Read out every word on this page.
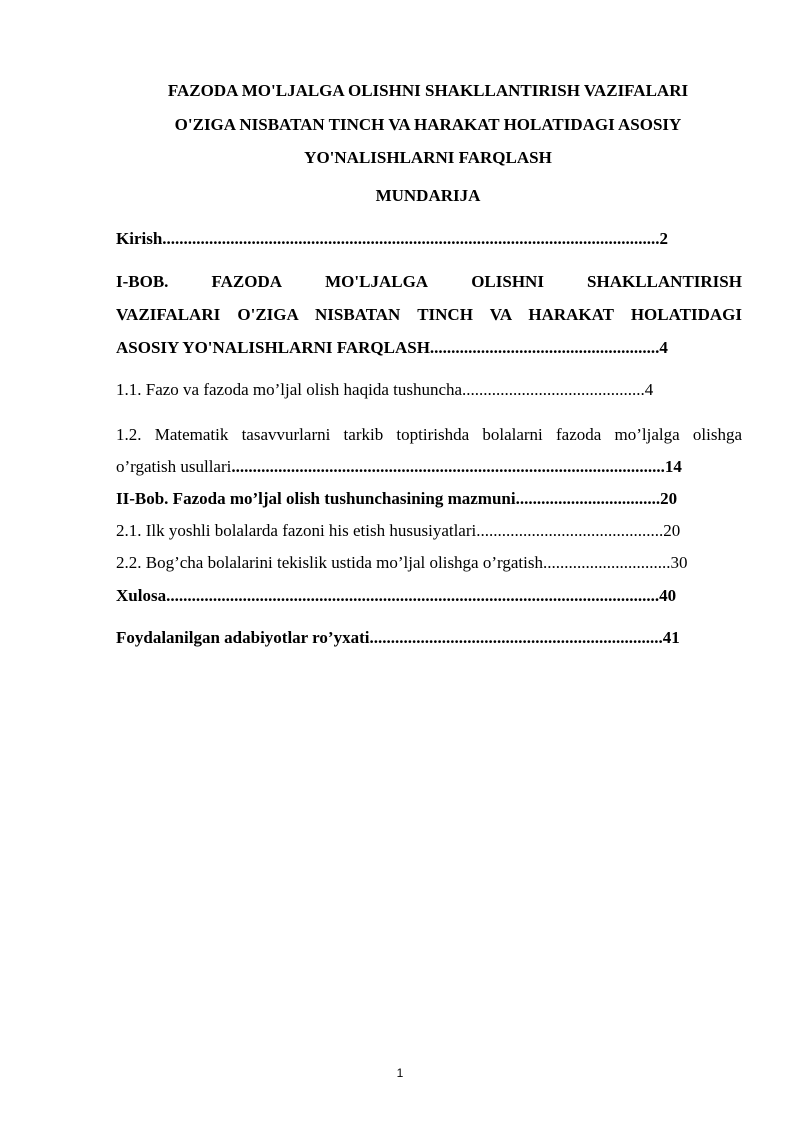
FAZODA MO'LJALGA OLISHNI SHAKLLANTIRISH VAZIFALARI
O'ZIGA NISBATAN TINCH VA HARAKAT HOLATIDAGI ASOSIY
YO'NALISHLARNI FARQLASH
MUNDARIJA
Kirish.....................................................................................................................2
I-BOB.	FAZODA	MO'LJALGA	OLISHNI	SHAKLLANTIRISH
VAZIFALARI O'ZIGA NISBATAN TINCH VA HARAKAT HOLATIDAGI
ASOSIY YO'NALISHLARNI FARQLASH......................................................4
1.1. Fazo va fazoda mo’ljal olish haqida tushuncha...........................................4
1.2. Matematik tasavvurlarni tarkib toptirishda bolalarni fazoda mo’ljalga olishga
o’rgatish usullari......................................................................................................14
II-Bob. Fazoda mo’ljal olish tushunchasining mazmuni..................................20
2.1. Ilk yoshli bolalarda fazoni his etish hususiyatlari............................................20
2.2. Bog’cha bolalarini tekislik ustida mo’ljal olishga o’rgatish..............................30
Xulosa....................................................................................................................40
Foydalanilgan adabiyotlar ro’yxati.....................................................................41
1
